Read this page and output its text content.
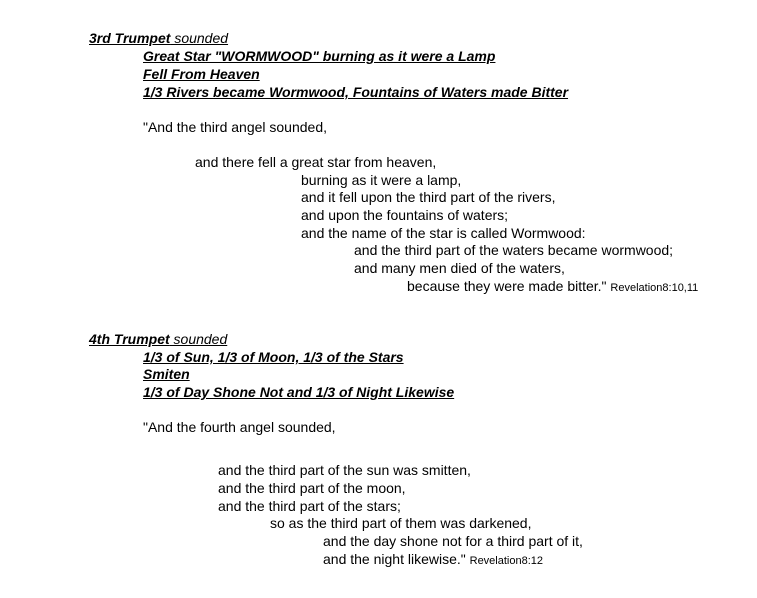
3rd Trumpet sounded
Great Star "WORMWOOD" burning as it were a Lamp
Fell From Heaven
1/3 Rivers became Wormwood, Fountains of Waters made Bitter
"And the third angel sounded,
and there fell a great star from heaven,
burning as it were a lamp,
and it fell upon the third part of the rivers,
and upon the fountains of waters;
and the name of the star is called Wormwood:
and the third part of the waters became wormwood;
and many men died of the waters,
because they were made bitter." Revelation8:10,11
4th Trumpet sounded
1/3 of Sun, 1/3 of Moon, 1/3 of the Stars
Smiten
1/3 of Day Shone Not and 1/3 of Night Likewise
"And the fourth angel sounded,
and the third part of the sun was smitten,
and the third part of the moon,
and the third part of the stars;
so as the third part of them was darkened,
and the day shone not for a third part of it,
and the night likewise." Revelation8:12
